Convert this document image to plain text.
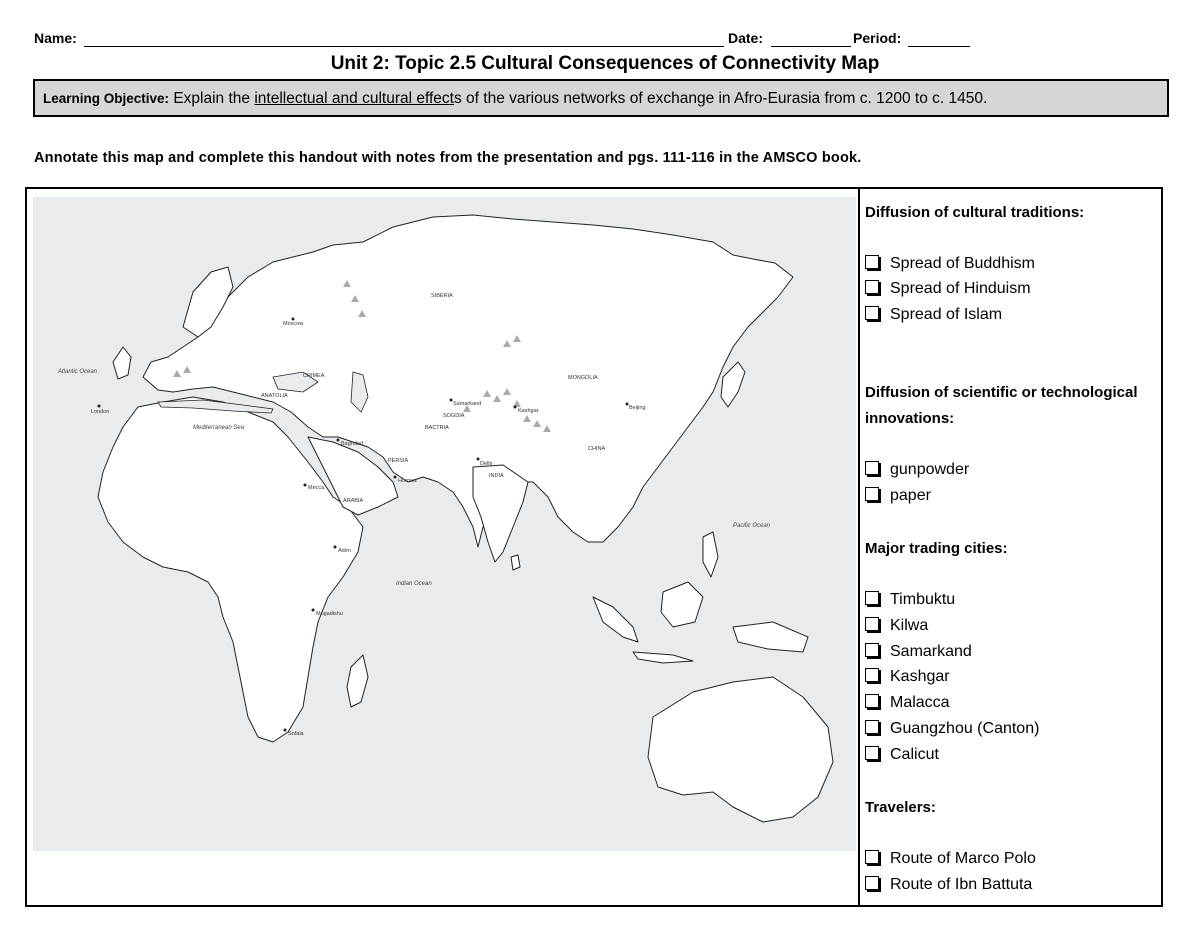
Name:	Date:	Period:
Unit 2: Topic 2.5 Cultural Consequences of Connectivity Map
Learning Objective: Explain the intellectual and cultural effects of the various networks of exchange in Afro-Eurasia from c. 1200 to c. 1450.
Annotate this map and complete this handout with notes from the presentation and pgs. 111-116 in the AMSCO book.
SIBERIA
MONGOLIA
CHINA
INDIA
PERSIA
ARABIA
CRIMEA
ANATOLIA
BACTRIA
SOGDIA
Atlantic Ocean
Indian Ocean
Pacific Ocean
Mediterranean Sea
London
Moscow
Baghdad
Beijing
Delhi
Mogadishu
Sofala
Aden
Mecca
Hormuz
Kashgar
Samarkand
Diffusion of cultural traditions:
Spread of Buddhism
Spread of Hinduism
Spread of Islam
Diffusion of scientific or technological innovations:
gunpowder
paper
Major trading cities:
Timbuktu
Kilwa
Samarkand
Kashgar
Malacca
Guangzhou (Canton)
Calicut
Travelers:
Route of Marco Polo
Route of Ibn Battuta
